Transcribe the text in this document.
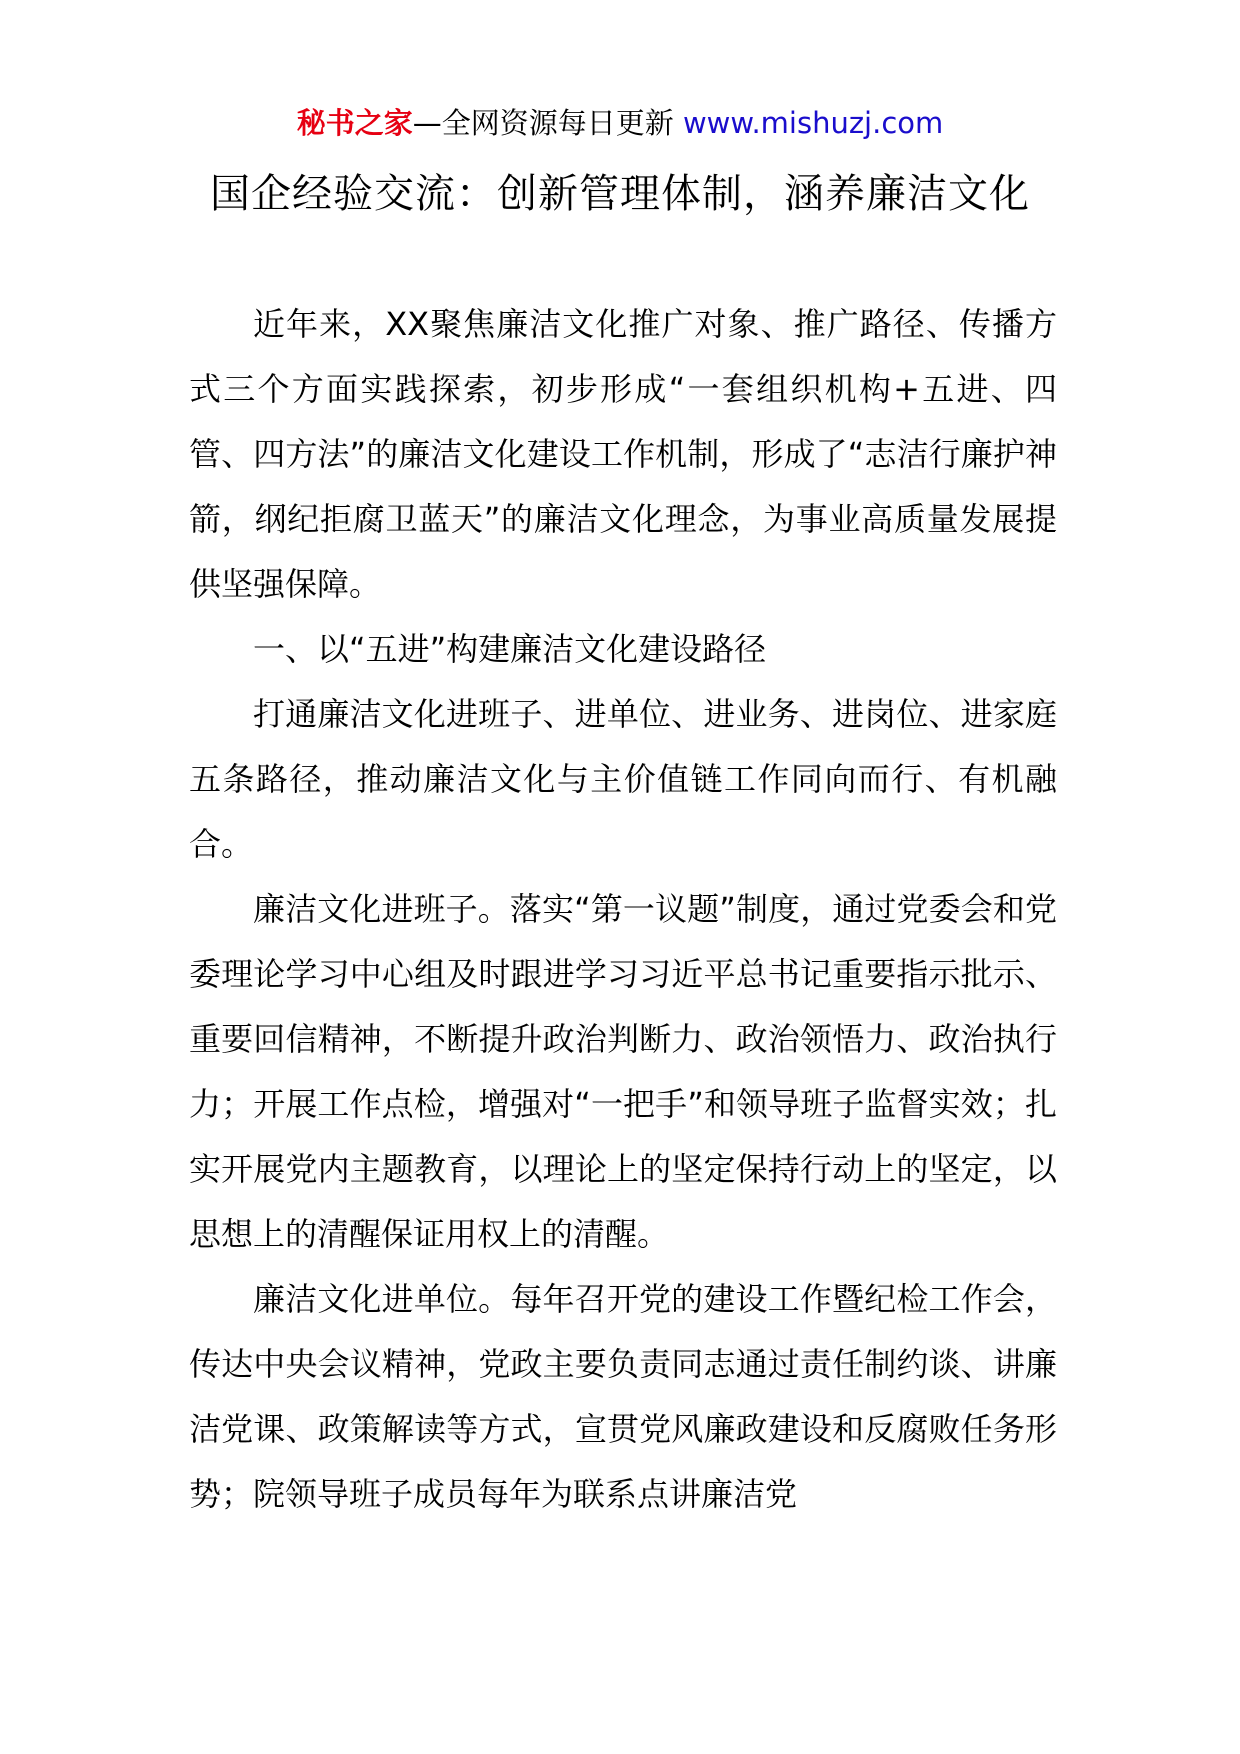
秘书之家—全网资源每日更新 www.mishuzj.com
国企经验交流：创新管理体制，涵养廉洁文化

近年来，XX聚焦廉洁文化推广对象、推广路径、传播方式三个方面实践探索，初步形成“一套组织机构+五进、四管、四方法”的廉洁文化建设工作机制，形成了“志洁行廉护神箭，纲纪拒腐卫蓝天”的廉洁文化理念，为事业高质量发展提供坚强保障。

一、以“五进”构建廉洁文化建设路径

打通廉洁文化进班子、进单位、进业务、进岗位、进家庭五条路径，推动廉洁文化与主价值链工作同向而行、有机融合。

廉洁文化进班子。落实“第一议题”制度，通过党委会和党委理论学习中心组及时跟进学习习近平总书记重要指示批示、重要回信精神，不断提升政治判断力、政治领悟力、政治执行力；开展工作点检，增强对“一把手”和领导班子监督实效；扎实开展党内主题教育，以理论上的坚定保持行动上的坚定，以思想上的清醒保证用权上的清醒。

廉洁文化进单位。每年召开党的建设工作暨纪检工作会，传达中央会议精神，党政主要负责同志通过责任制约谈、讲廉洁党课、政策解读等方式，宣贯党风廉政建设和反腐败任务形势；院领导班子成员每年为联系点讲廉洁党
